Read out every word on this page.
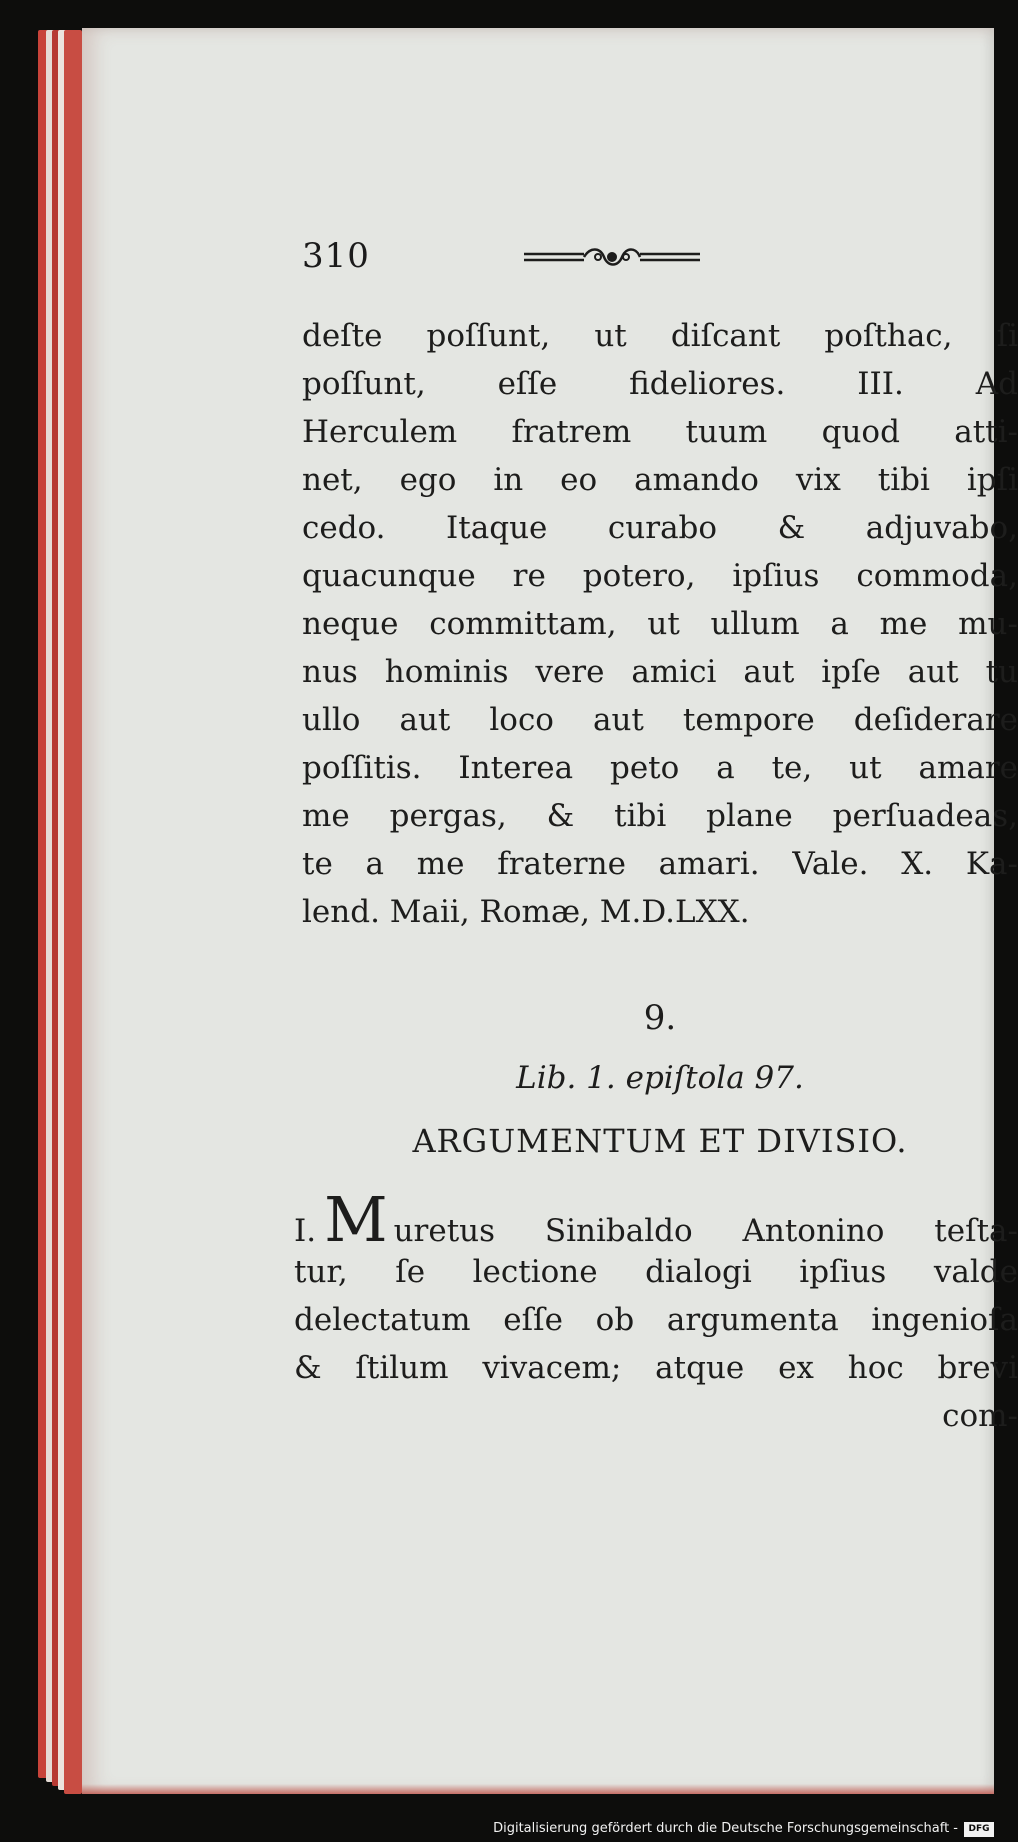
310
deſte poſſunt, ut diſcant poſthac, ſi
poſſunt, eſſe fideliores. III. Ad
Herculem fratrem tuum quod atti-
net, ego in eo amando vix tibi ipſi
cedo. Itaque curabo & adjuvabo,
quacunque re potero, ipſius commoda,
neque committam, ut ullum a me mu-
nus hominis vere amici aut ipſe aut tu
ullo aut loco aut tempore deſiderare
poſſitis. Interea peto a te, ut amare
me pergas, & tibi plane perſuadeas,
te a me fraterne amari. Vale. X. Ka-
lend. Maii, Romæ, M.D.LXX.
9.
Lib. 1. epiſtola 97.
ARGUMENTUM ET DIVISIO.
I. M uretus Sinibaldo Antonino teſta-
tur, ſe lectione dialogi ipſius valde
delectatum eſſe ob argumenta ingenioſa
& ſtilum vivacem; atque ex hoc brevi
com-
Digitalisierung gefördert durch die Deutsche Forschungsgemeinschaft -	DFG
